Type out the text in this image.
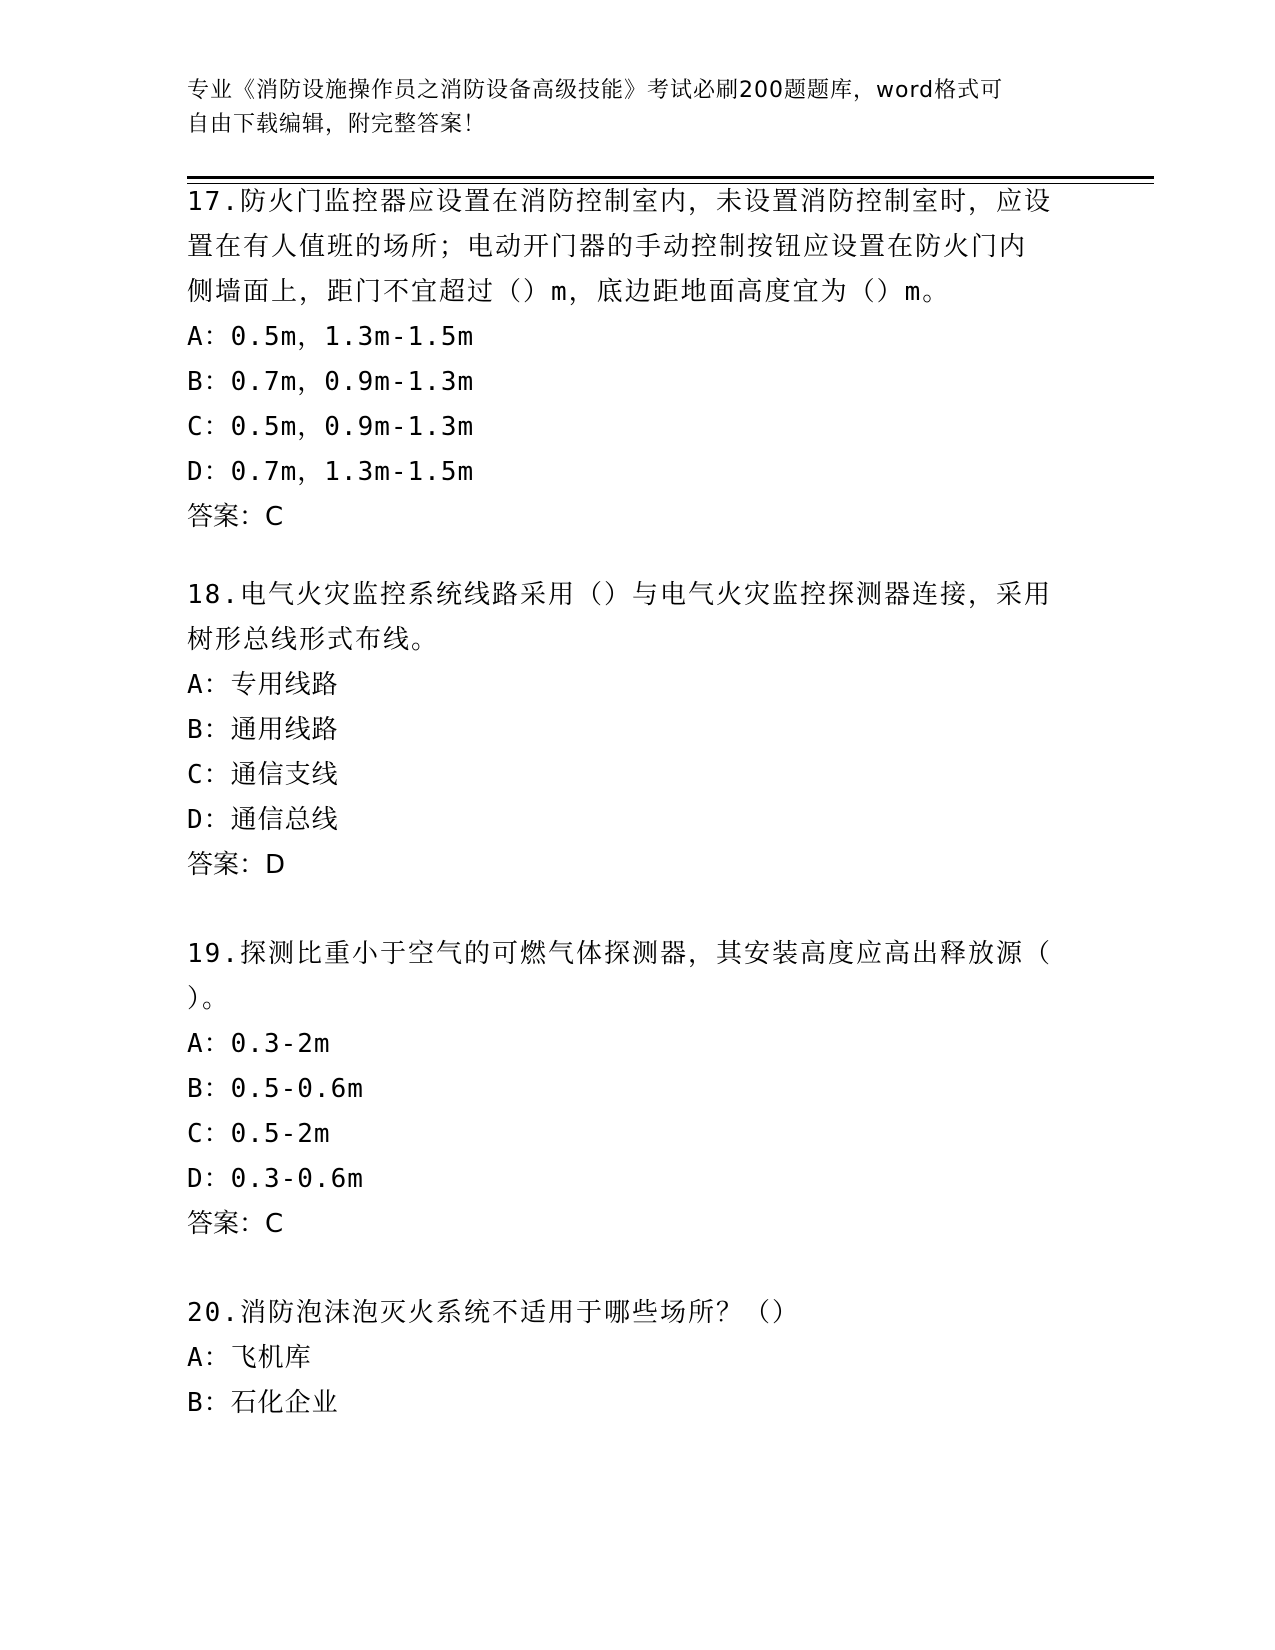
专业《消防设施操作员之消防设备高级技能》考试必刷200题题库，word格式可
自由下载编辑，附完整答案！
17.防火门监控器应设置在消防控制室内，未设置消防控制室时，应设
置在有人值班的场所；电动开门器的手动控制按钮应设置在防火门内
侧墙面上，距门不宜超过（）m，底边距地面高度宜为（）m。
A：0.5m，1.3m-1.5m
B：0.7m，0.9m-1.3m
C：0.5m，0.9m-1.3m
D：0.7m，1.3m-1.5m
答案：C
18.电气火灾监控系统线路采用（）与电气火灾监控探测器连接，采用
树形总线形式布线。
A：专用线路
B：通用线路
C：通信支线
D：通信总线
答案：D
19.探测比重小于空气的可燃气体探测器，其安装高度应高出释放源（
）。
A：0.3-2m
B：0.5-0.6m
C：0.5-2m
D：0.3-0.6m
答案：C
20.消防泡沫泡灭火系统不适用于哪些场所？（）
A：飞机库
B：石化企业
